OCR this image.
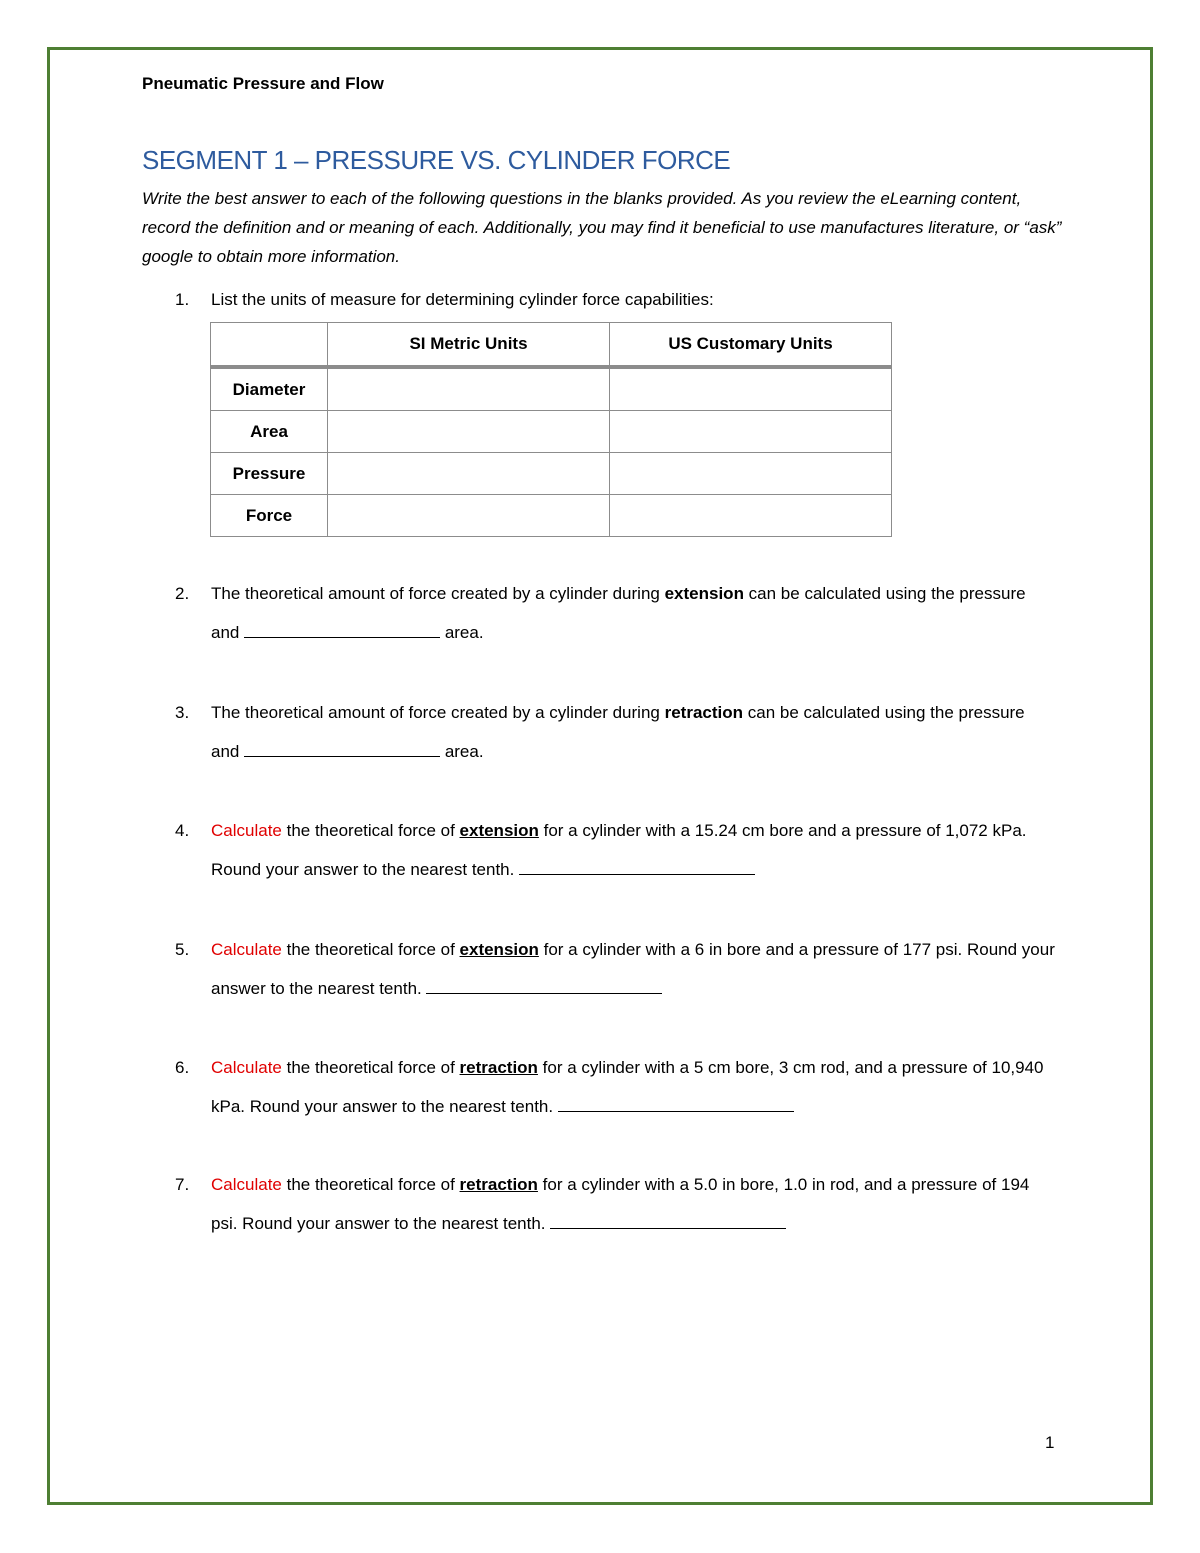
Pneumatic Pressure and Flow
SEGMENT 1 – PRESSURE VS. CYLINDER FORCE
Write the best answer to each of the following questions in the blanks provided. As you review the eLearning content, record the definition and or meaning of each. Additionally, you may find it beneficial to use manufactures literature, or “ask” google to obtain more information.
1.	List the units of measure for determining cylinder force capabilities:
	SI Metric Units	US Customary Units
Diameter		
Area		
Pressure		
Force		
2.	The theoretical amount of force created by a cylinder during extension can be calculated using the pressure and	area.
3.	The theoretical amount of force created by a cylinder during retraction can be calculated using the pressure and	area.
4.	Calculate the theoretical force of extension for a cylinder with a 15.24 cm bore and a pressure of 1,072 kPa. Round your answer to the nearest tenth.
5.	Calculate the theoretical force of extension for a cylinder with a 6 in bore and a pressure of 177 psi. Round your answer to the nearest tenth.
6.	Calculate the theoretical force of retraction for a cylinder with a 5 cm bore, 3 cm rod, and a pressure of 10,940 kPa. Round your answer to the nearest tenth.
7.	Calculate the theoretical force of retraction for a cylinder with a 5.0 in bore, 1.0 in rod, and a pressure of 194 psi. Round your answer to the nearest tenth.
1
